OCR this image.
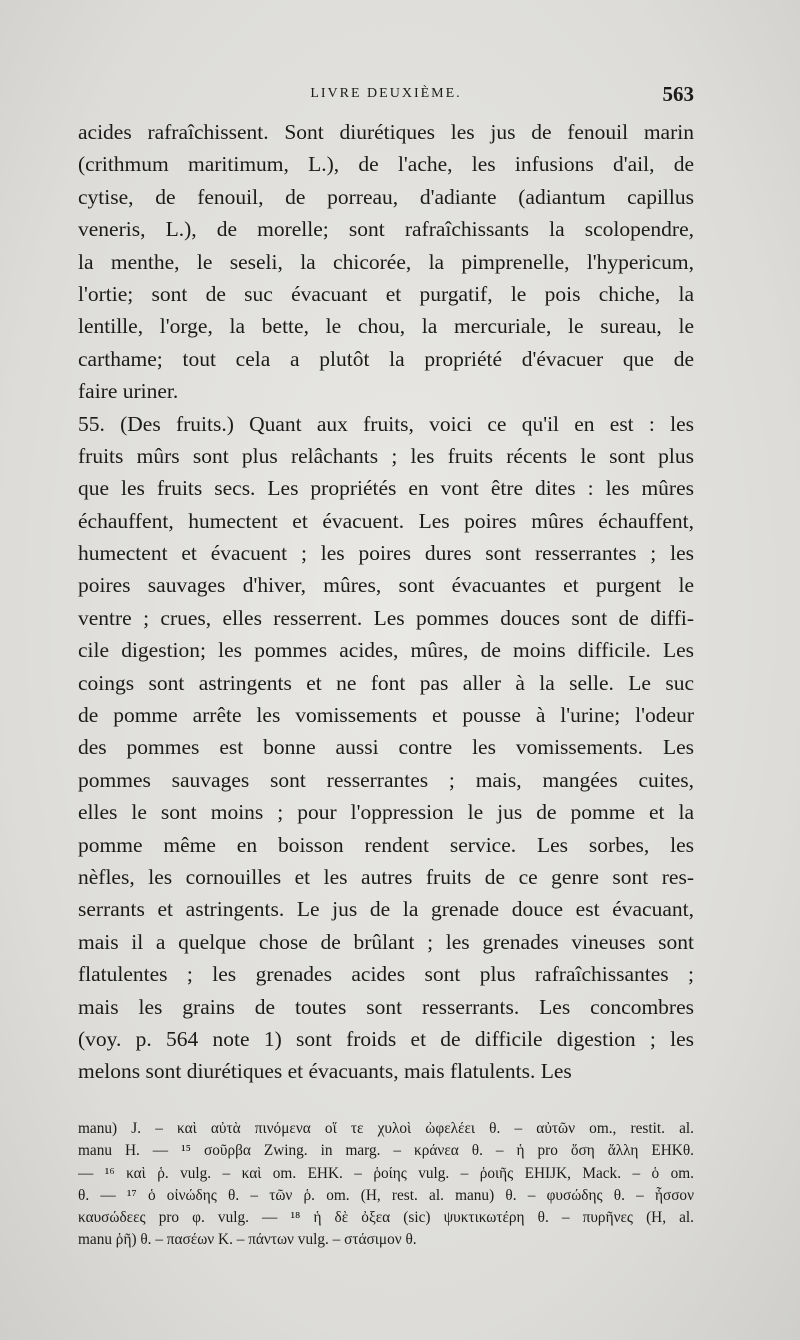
LIVRE DEUXIÈME.	563
acides rafraîchissent. Sont diurétiques les jus de fenouil marin
(crithmum maritimum, L.), de l'ache, les infusions d'ail, de
cytise, de fenouil, de porreau, d'adiante (adiantum capillus
veneris, L.), de morelle; sont rafraîchissants la scolopendre,
la menthe, le seseli, la chicorée, la pimprenelle, l'hypericum,
l'ortie; sont de suc évacuant et purgatif, le pois chiche, la
lentille, l'orge, la bette, le chou, la mercuriale, le sureau, le
carthame; tout cela a plutôt la propriété d'évacuer que de
faire uriner.
55. (Des fruits.) Quant aux fruits, voici ce qu'il en est : les
fruits mûrs sont plus relâchants ; les fruits récents le sont plus
que les fruits secs. Les propriétés en vont être dites : les mûres
échauffent, humectent et évacuent. Les poires mûres échauffent,
humectent et évacuent ; les poires dures sont resserrantes ; les
poires sauvages d'hiver, mûres, sont évacuantes et purgent le
ventre ; crues, elles resserrent. Les pommes douces sont de diffi-
cile digestion; les pommes acides, mûres, de moins difficile. Les
coings sont astringents et ne font pas aller à la selle. Le suc
de pomme arrête les vomissements et pousse à l'urine; l'odeur
des pommes est bonne aussi contre les vomissements. Les
pommes sauvages sont resserrantes ; mais, mangées cuites,
elles le sont moins ; pour l'oppression le jus de pomme et la
pomme même en boisson rendent service. Les sorbes, les
nèfles, les cornouilles et les autres fruits de ce genre sont res-
serrants et astringents. Le jus de la grenade douce est évacuant,
mais il a quelque chose de brûlant ; les grenades vineuses sont
flatulentes ; les grenades acides sont plus rafraîchissantes ;
mais les grains de toutes sont resserrants. Les concombres
(voy. p. 564 note 1) sont froids et de difficile digestion ; les
melons sont diurétiques et évacuants, mais flatulents. Les
manu) J. – καὶ αὐτὰ πινόμενα οἵ τε χυλοὶ ὠφελέει θ. – αὐτῶν om., restit. al.
manu H. — ¹⁵ σοῦρβα Zwing. in marg. – κράνεα θ. – ἡ pro ὅση ἄλλη EHKθ.
— ¹⁶ καὶ ῥ. vulg. – καὶ om. EHK. – ῥοίης vulg. – ῥοιῆς EHIJK, Mack. – ὁ om.
θ. — ¹⁷ ὁ οἰνώδης θ. – τῶν ῥ. om. (H, rest. al. manu) θ. – φυσώδης θ. – ἧσσον
καυσώδεες pro φ. vulg. — ¹⁸ ἡ δὲ ὀξεα (sic) ψυκτικωτέρη θ. – πυρῆνες (H, al.
manu ῥῆ) θ. – πασέων K. – πάντων vulg. – στάσιμον θ.
